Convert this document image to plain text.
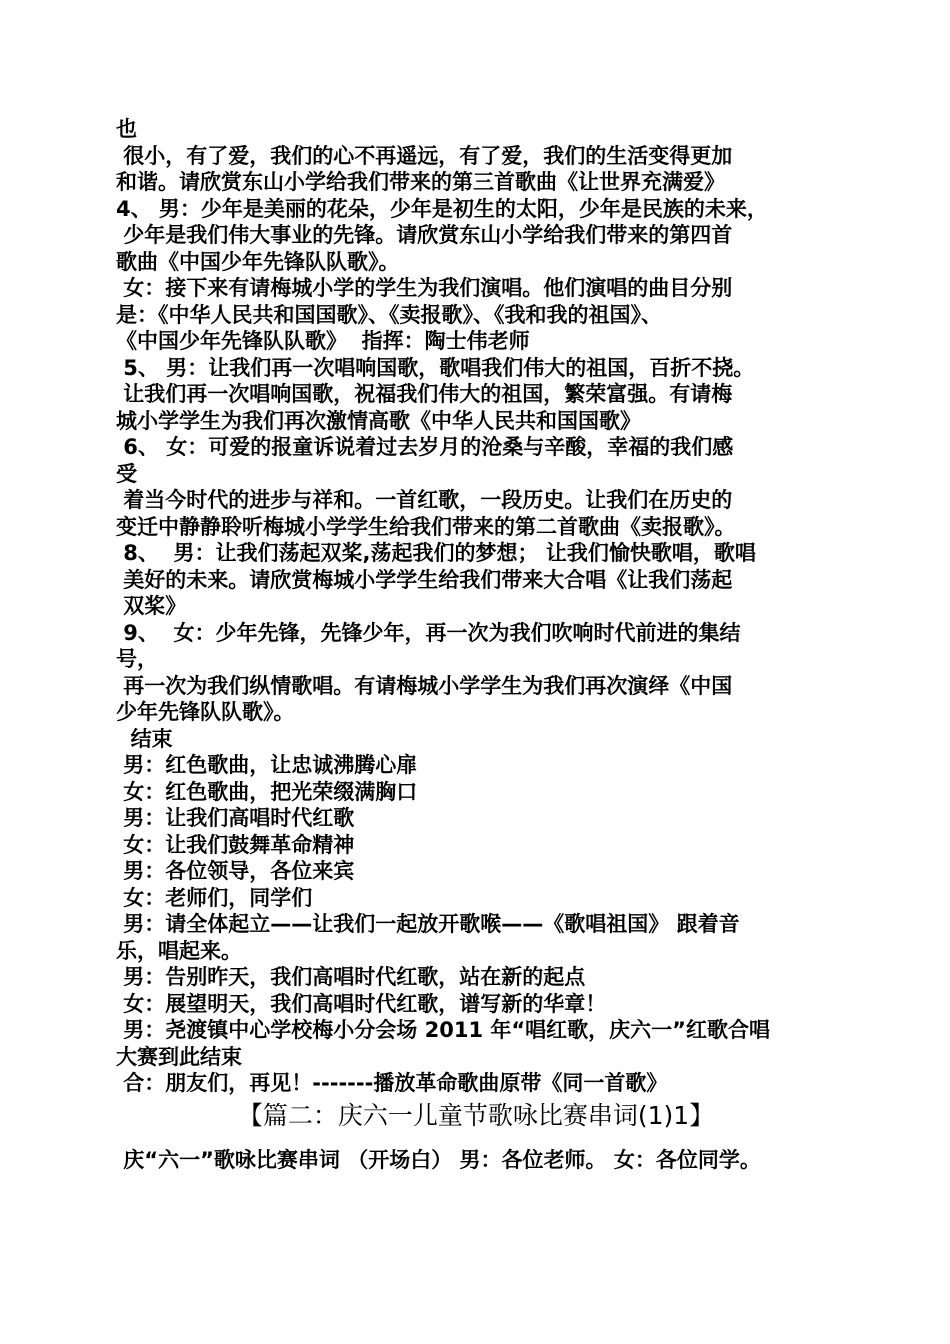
也
很小，有了爱，我们的心不再遥远，有了爱，我们的生活变得更加
和谐。请欣赏东山小学给我们带来的第三首歌曲《让世界充满爱》
4、 男：少年是美丽的花朵，少年是初生的太阳，少年是民族的未来，
少年是我们伟大事业的先锋。请欣赏东山小学给我们带来的第四首
歌曲《中国少年先锋队队歌》。
女：接下来有请梅城小学的学生为我们演唱。他们演唱的曲目分别
是：《中华人民共和国国歌》、《卖报歌》、《我和我的祖国》、
《中国少年先锋队队歌》  指挥：陶士伟老师
5、 男：让我们再一次唱响国歌，歌唱我们伟大的祖国，百折不挠。
让我们再一次唱响国歌，祝福我们伟大的祖国，繁荣富强。有请梅
城小学学生为我们再次激情高歌《中华人民共和国国歌》
6、 女：可爱的报童诉说着过去岁月的沧桑与辛酸，幸福的我们感
受
着当今时代的进步与祥和。一首红歌，一段历史。让我们在历史的
变迁中静静聆听梅城小学学生给我们带来的第二首歌曲《卖报歌》。
8、  男：让我们荡起双桨,荡起我们的梦想； 让我们愉快歌唱，歌唱
美好的未来。请欣赏梅城小学学生给我们带来大合唱《让我们荡起
双桨》
9、  女：少年先锋，先锋少年，再一次为我们吹响时代前进的集结
号，
再一次为我们纵情歌唱。有请梅城小学学生为我们再次演绎《中国
少年先锋队队歌》。
结束
男：红色歌曲，让忠诚沸腾心扉
女：红色歌曲，把光荣缀满胸口
男：让我们高唱时代红歌
女：让我们鼓舞革命精神
男：各位领导，各位来宾
女：老师们，同学们
男：请全体起立——让我们一起放开歌喉——《歌唱祖国》 跟着音
乐，唱起来。
男：告别昨天，我们高唱时代红歌，站在新的起点
女：展望明天，我们高唱时代红歌，谱写新的华章！
男：尧渡镇中心学校梅小分会场 2011 年“唱红歌，庆六一”红歌合唱
大赛到此结束
合：朋友们，再见！-------播放革命歌曲原带《同一首歌》
【篇二：庆六一儿童节歌咏比赛串词(1)1】
庆“六一”歌咏比赛串词 （开场白） 男：各位老师。 女：各位同学。
